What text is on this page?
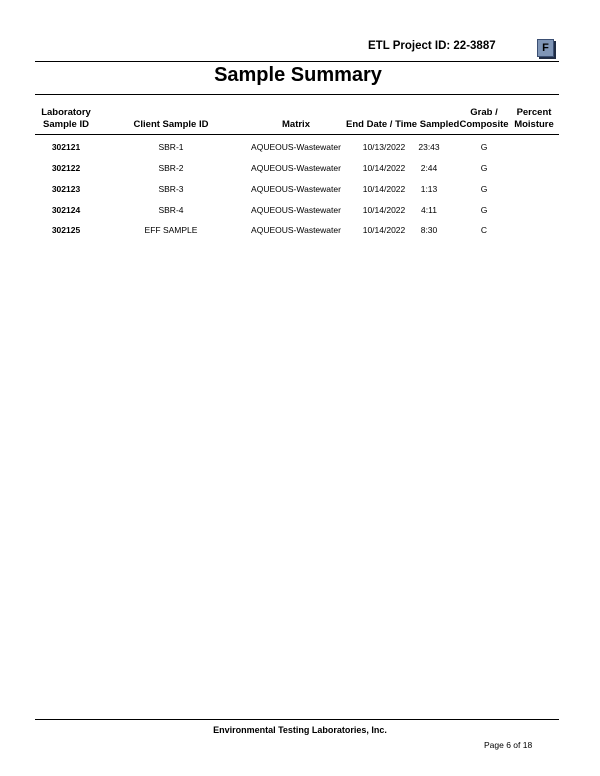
ETL Project ID: 22-3887	F
Sample Summary
Laboratory
Sample ID	Client Sample ID	Matrix	End Date / Time Sampled
Grab /
Composite
Percent
Moisture
302121	SBR-1	AQUEOUS-Wastewater	10/13/2022	23:43	G
302122	SBR-2	AQUEOUS-Wastewater	10/14/2022	2:44	G
302123	SBR-3	AQUEOUS-Wastewater	10/14/2022	1:13	G
302124	SBR-4	AQUEOUS-Wastewater	10/14/2022	4:11	G
302125	EFF SAMPLE	AQUEOUS-Wastewater	10/14/2022	8:30	C
Environmental Testing Laboratories, Inc.
Page 6 of 18
